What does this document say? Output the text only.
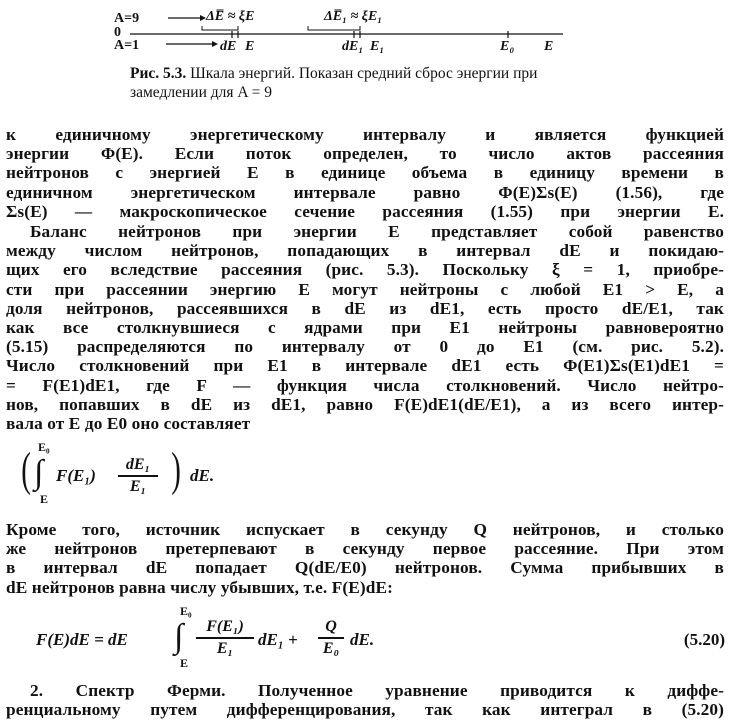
A=9
0
A=1
ΔE̅ ≈ ξE	ΔE̅₁ ≈ ξE₁
dE E	dE₁ E₁	E₀ E
Рис. 5.3. Шкала энергий. Показан средний сброс энергии при замедлении для A = 9

к единичному энергетическому интервалу и является функцией

энергии Φ(E). Если поток определен, то число актов рассеяния

нейтронов с энергией E в единице объема в единицу времени в

единичном энергетическом интервале равно Φ(E)Σs(E) (1.56), где

Σs(E) — макроскопическое сечение рассеяния (1.55) при энергии E.

Баланс нейтронов при энергии E представляет собой равенство

между числом нейтронов, попадающих в интервал dE и покидаю-

щих его вследствие рассеяния (рис. 5.3). Поскольку ξ = 1, приобре-

сти при рассеянии энергию E могут нейтроны с любой E1 > E, а

доля нейтронов, рассеявшихся в dE из dE1, есть просто dE/E1, так

как все столкнувшиеся с ядрами при E1 нейтроны равновероятно

(5.15) распределяются по интервалу от 0 до E1 (см. рис. 5.2).

Число столкновений при E1 в интервале dE1 есть Φ(E1)Σs(E1)dE1 =

= F(E1)dE1, где F — функция числа столкновений. Число нейтро-

нов, попавших в dE из dE1, равно F(E)dE1(dE/E1), а из всего интер-

вала от E до E0 оно составляет

( E₀
∫
E
F(E₁)
dE₁
E₁ ) dE.

Кроме того, источник испускает в секунду Q нейтронов, и столько

же нейтронов претерпевают в секунду первое рассеяние. При этом

в интервал dE попадает Q(dE/E0) нейтронов. Сумма прибывших в

dE нейтронов равна числу убывших, т.е. F(E)dE:

F(E)dE = dE
E₀
∫
E
F(E₁)
E₁	dE₁ +
Q
E₀ dE.	(5.20)

2. Спектр Ферми. Полученное уравнение приводится к диффе-

ренциальному путем дифференцирования, так как интеграл в (5.20)
